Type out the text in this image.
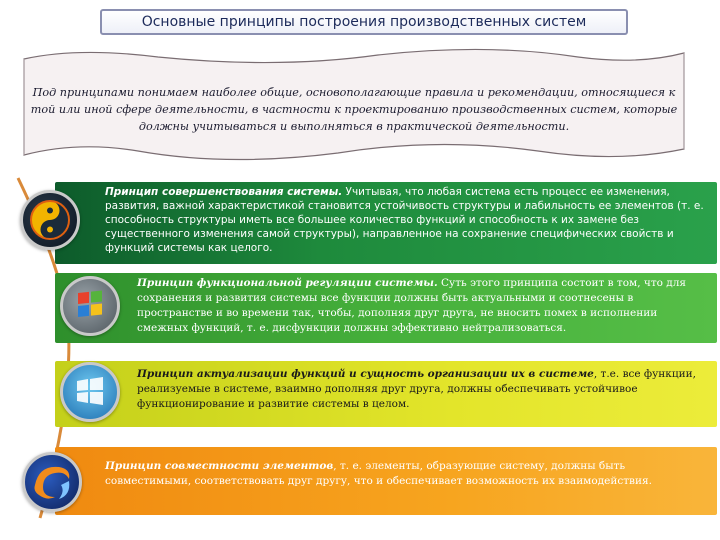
Основные принципы построения производственных систем
Под принципами понимаем наиболее общие, основополагающие правила и рекомендации, относящиеся к той или иной сфере деятельности, в частности к проектированию производственных систем, которые должны учитываться и выполняться в практической деятельности.
Принцип совершенствования системы. Учитывая, что любая система есть процесс ее изменения, развития, важной характеристикой становится устойчивость структуры и лабильность ее элементов (т. е. способность структуры иметь все большее количество функций и способность к их замене без существенного изменения самой структуры), направленное на сохранение специфических свойств и функций системы как целого.
Принцип функциональной регуляции системы. Суть этого принципа состоит в том, что для сохранения и развития системы все функции должны быть актуальными и соотнесены в пространстве и во времени так, чтобы, дополняя друг друга, не вносить помех в исполнении смежных функций, т. е. дисфункции должны эффективно нейтрализоваться.
Принцип актуализации функций и сущность организации их в системе, т.е. все функции, реализуемые в системе, взаимно дополняя друг друга, должны обеспечивать устойчивое функционирование и развитие системы в целом.
Принцип совместности элементов, т. е. элементы, образующие систему, должны быть совместимыми, соответствовать друг другу, что и обеспечивает возможность их взаимодействия.
